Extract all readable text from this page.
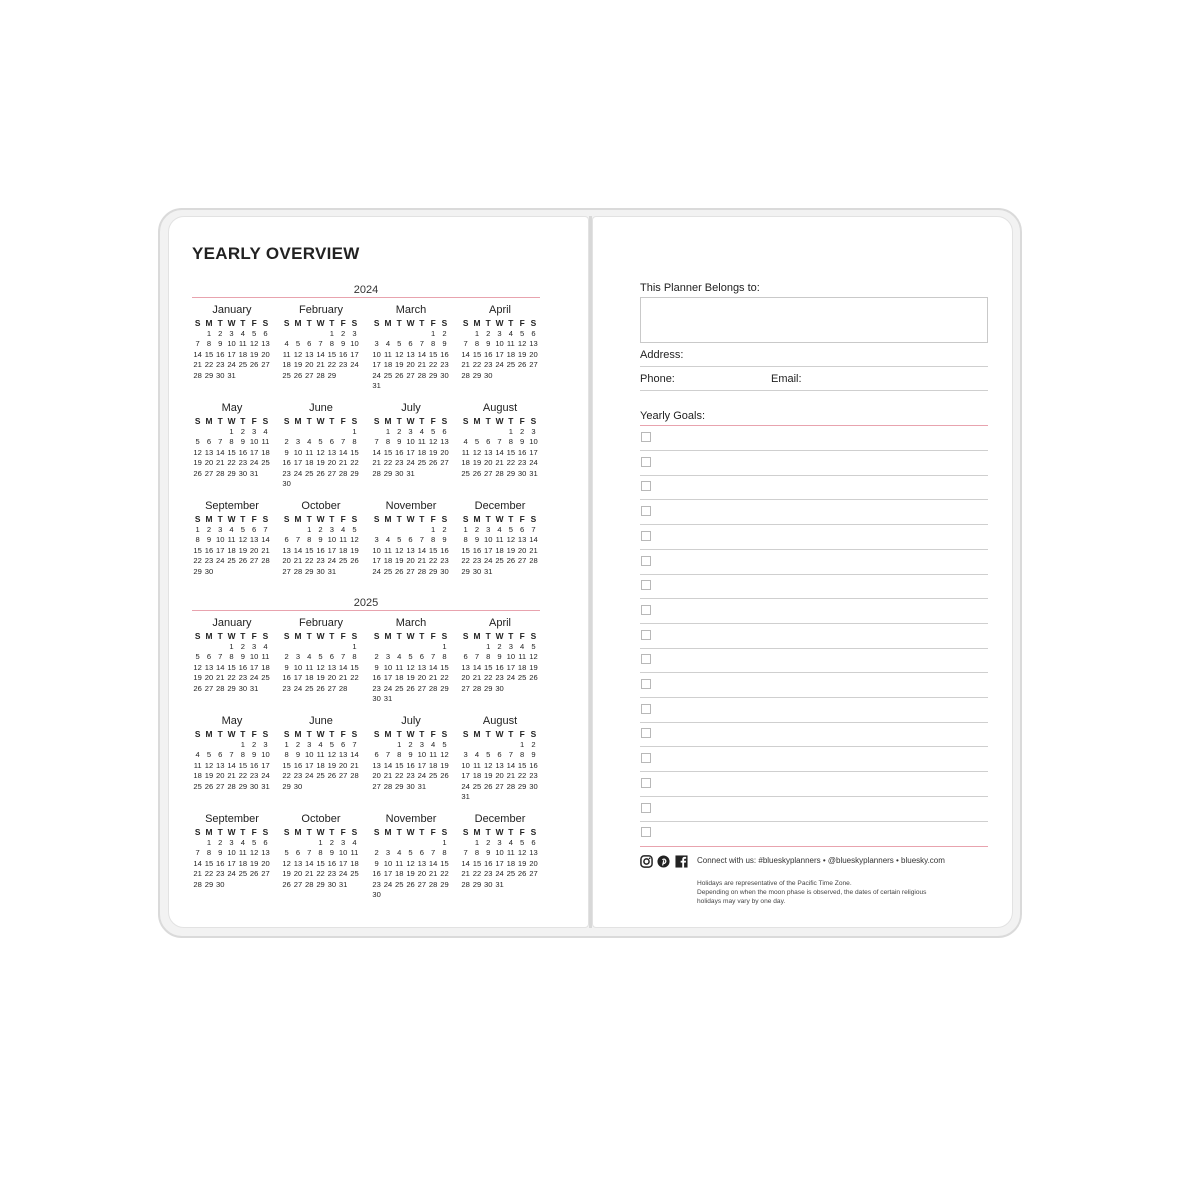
YEARLY OVERVIEW
2024
January
S M T W T F S
1 2 3 4 5 6
7 8 9 10 11 12 13
14 15 16 17 18 19 20
21 22 23 24 25 26 27
28 29 30 31
February
S M T W T F S
1 2 3
4 5 6 7 8 9 10
11 12 13 14 15 16 17
18 19 20 21 22 23 24
25 26 27 28 29
March
S M T W T F S
1 2
3 4 5 6 7 8 9
10 11 12 13 14 15 16
17 18 19 20 21 22 23
24 25 26 27 28 29 30
31
April
S M T W T F S
1 2 3 4 5 6
7 8 9 10 11 12 13
14 15 16 17 18 19 20
21 22 23 24 25 26 27
28 29 30
May
S M T W T F S
1 2 3 4
5 6 7 8 9 10 11
12 13 14 15 16 17 18
19 20 21 22 23 24 25
26 27 28 29 30 31
June
S M T W T F S
1
2 3 4 5 6 7 8
9 10 11 12 13 14 15
16 17 18 19 20 21 22
23 24 25 26 27 28 29
30
July
S M T W T F S
1 2 3 4 5 6
7 8 9 10 11 12 13
14 15 16 17 18 19 20
21 22 23 24 25 26 27
28 29 30 31
August
S M T W T F S
1 2 3
4 5 6 7 8 9 10
11 12 13 14 15 16 17
18 19 20 21 22 23 24
25 26 27 28 29 30 31
September
S M T W T F S
1 2 3 4 5 6 7
8 9 10 11 12 13 14
15 16 17 18 19 20 21
22 23 24 25 26 27 28
29 30
October
S M T W T F S
1 2 3 4 5
6 7 8 9 10 11 12
13 14 15 16 17 18 19
20 21 22 23 24 25 26
27 28 29 30 31
November
S M T W T F S
1 2
3 4 5 6 7 8 9
10 11 12 13 14 15 16
17 18 19 20 21 22 23
24 25 26 27 28 29 30
December
S M T W T F S
1 2 3 4 5 6 7
8 9 10 11 12 13 14
15 16 17 18 19 20 21
22 23 24 25 26 27 28
29 30 31
2025
January
S M T W T F S
1 2 3 4
5 6 7 8 9 10 11
12 13 14 15 16 17 18
19 20 21 22 23 24 25
26 27 28 29 30 31
February
S M T W T F S
1
2 3 4 5 6 7 8
9 10 11 12 13 14 15
16 17 18 19 20 21 22
23 24 25 26 27 28
March
S M T W T F S
1
2 3 4 5 6 7 8
9 10 11 12 13 14 15
16 17 18 19 20 21 22
23 24 25 26 27 28 29
30 31
April
S M T W T F S
1 2 3 4 5
6 7 8 9 10 11 12
13 14 15 16 17 18 19
20 21 22 23 24 25 26
27 28 29 30
May
S M T W T F S
1 2 3
4 5 6 7 8 9 10
11 12 13 14 15 16 17
18 19 20 21 22 23 24
25 26 27 28 29 30 31
June
S M T W T F S
1 2 3 4 5 6 7
8 9 10 11 12 13 14
15 16 17 18 19 20 21
22 23 24 25 26 27 28
29 30
July
S M T W T F S
1 2 3 4 5
6 7 8 9 10 11 12
13 14 15 16 17 18 19
20 21 22 23 24 25 26
27 28 29 30 31
August
S M T W T F S
1 2
3 4 5 6 7 8 9
10 11 12 13 14 15 16
17 18 19 20 21 22 23
24 25 26 27 28 29 30
31
September
S M T W T F S
1 2 3 4 5 6
7 8 9 10 11 12 13
14 15 16 17 18 19 20
21 22 23 24 25 26 27
28 29 30
October
S M T W T F S
1 2 3 4
5 6 7 8 9 10 11
12 13 14 15 16 17 18
19 20 21 22 23 24 25
26 27 28 29 30 31
November
S M T W T F S
1
2 3 4 5 6 7 8
9 10 11 12 13 14 15
16 17 18 19 20 21 22
23 24 25 26 27 28 29
30
December
S M T W T F S
1 2 3 4 5 6
7 8 9 10 11 12 13
14 15 16 17 18 19 20
21 22 23 24 25 26 27
28 29 30 31
This Planner Belongs to:
Address:
Phone:	Email:
Yearly Goals:
Connect with us: #blueskyplanners • @blueskyplanners • bluesky.com
Holidays are representative of the Pacific Time Zone.
Depending on when the moon phase is observed, the dates of certain religious
holidays may vary by one day.
